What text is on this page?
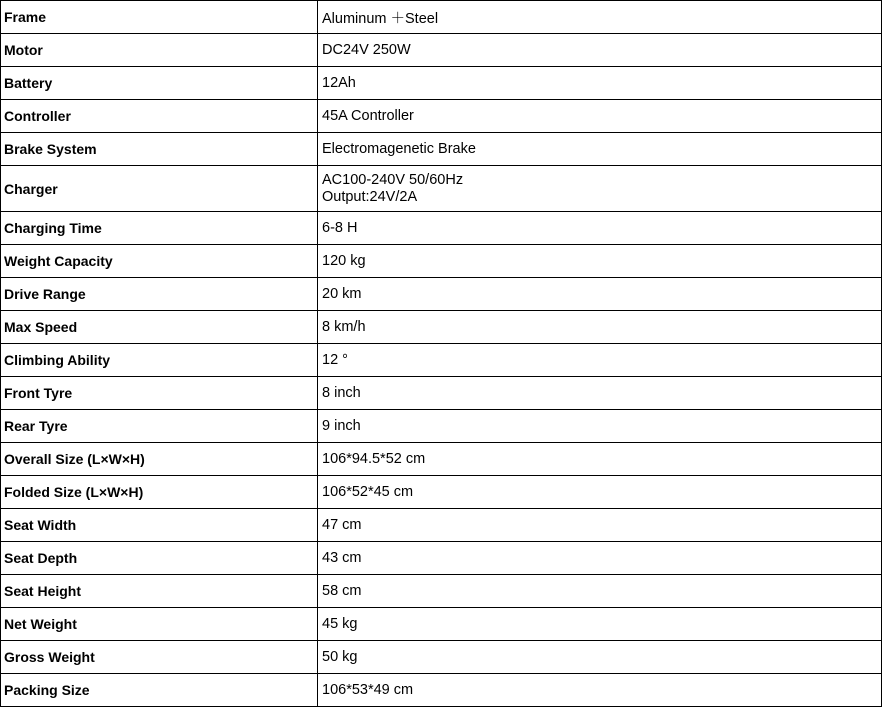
Frame	Aluminum ＋Steel
Motor	DC24V 250W
Battery	12Ah
Controller	45A Controller
Brake System	Electromagenetic Brake
Charger	AC100-240V 50/60Hz
Output:24V/2A

Charging Time	6-8 H
Weight Capacity	120 kg
Drive Range	20 km
Max Speed	8 km/h
Climbing Ability	12 °
Front Tyre	8 inch
Rear Tyre	9 inch
Overall Size (L×W×H)	106*94.5*52 cm
Folded Size (L×W×H)	106*52*45 cm
Seat Width	47 cm
Seat Depth	43 cm
Seat Height	58 cm
Net Weight	45 kg
Gross Weight	50 kg
Packing Size	106*53*49 cm
